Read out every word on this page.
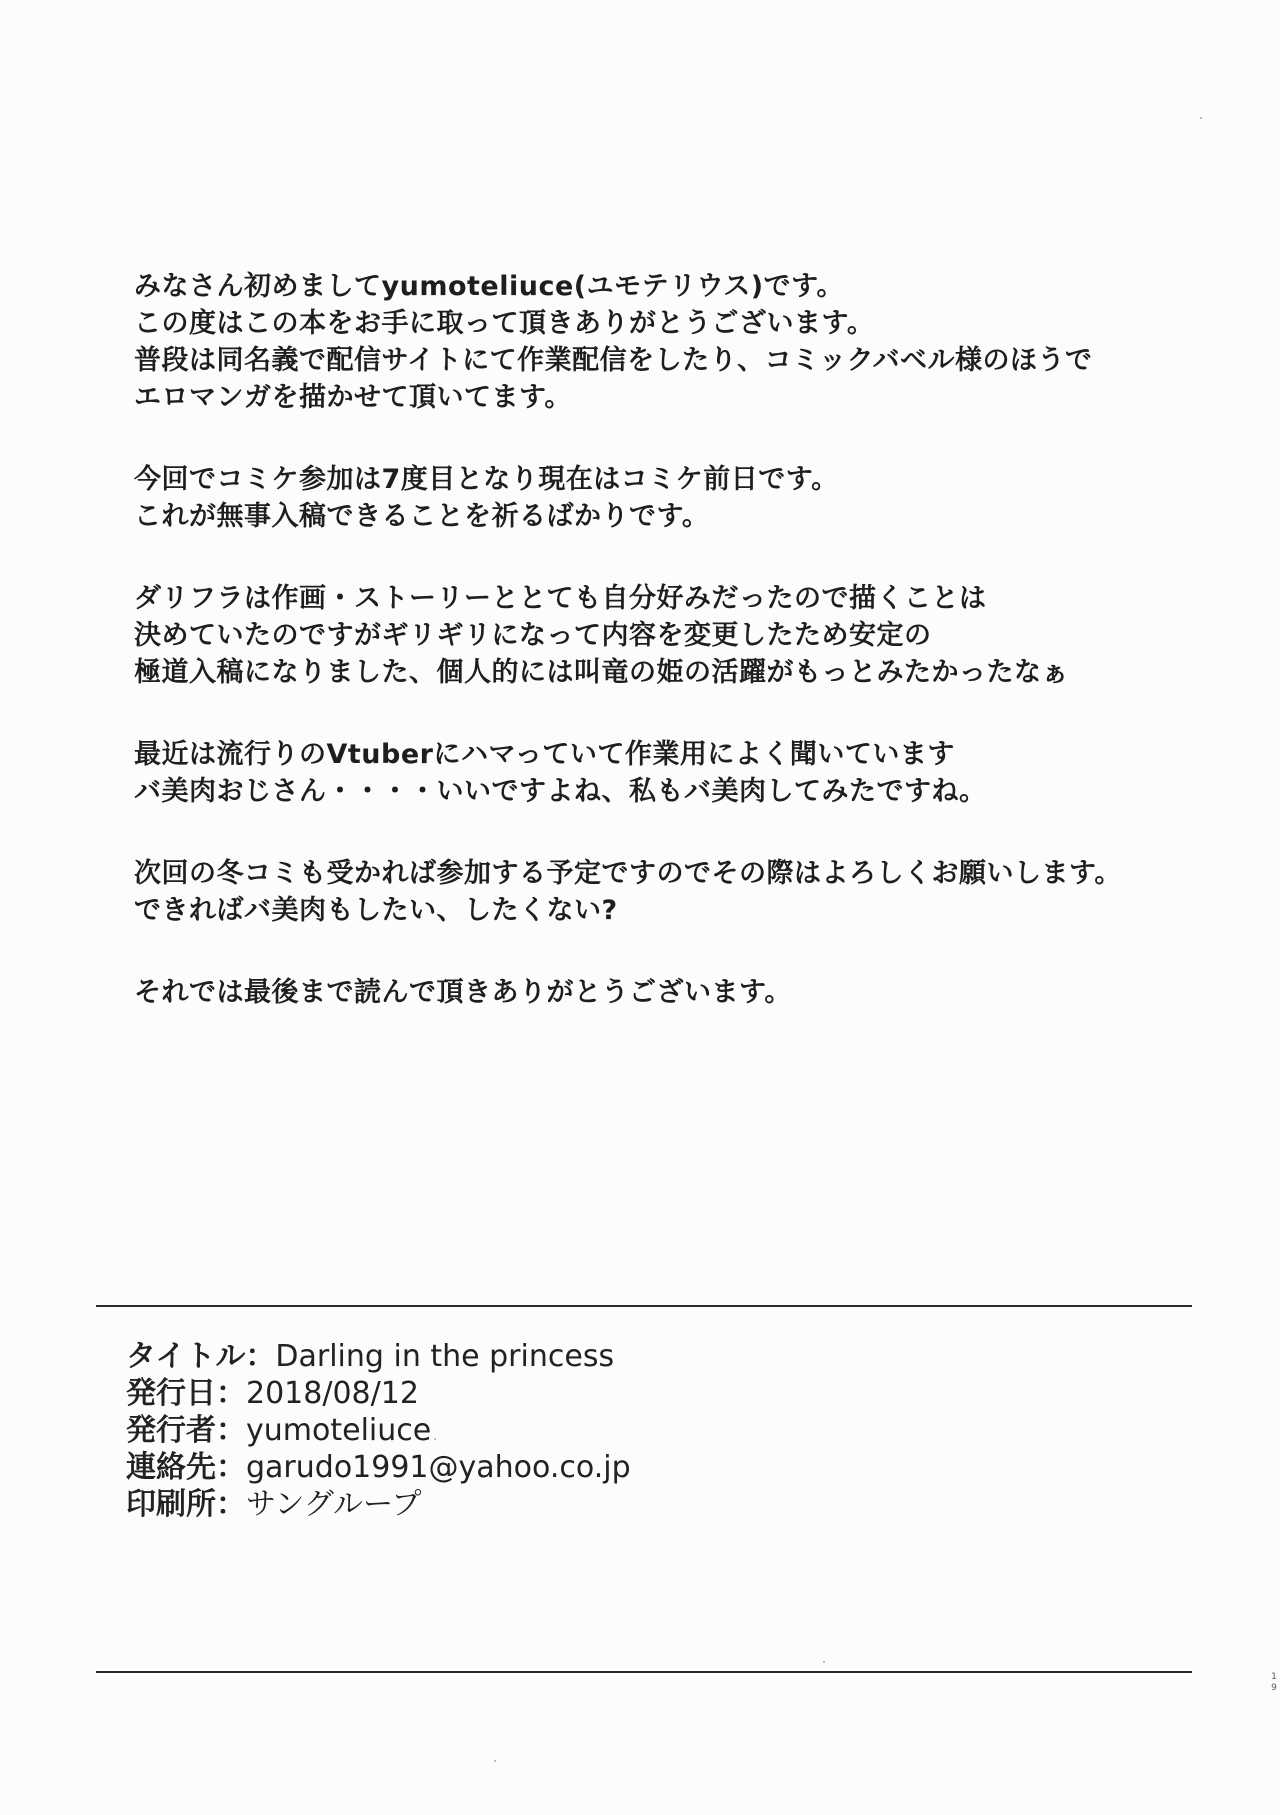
みなさん初めましてyumoteliuce(ユモテリウス)です。
この度はこの本をお手に取って頂きありがとうございます。
普段は同名義で配信サイトにて作業配信をしたり、コミックバベル様のほうで
エロマンガを描かせて頂いてます。

今回でコミケ参加は7度目となり現在はコミケ前日です。
これが無事入稿できることを祈るばかりです。

ダリフラは作画・ストーリーととても自分好みだったので描くことは
決めていたのですがギリギリになって内容を変更したため安定の
極道入稿になりました、個人的には叫竜の姫の活躍がもっとみたかったなぁ

最近は流行りのVtuberにハマっていて作業用によく聞いています
バ美肉おじさん・・・・いいですよね、私もバ美肉してみたですね。

次回の冬コミも受かれば参加する予定ですのでその際はよろしくお願いします。
できればバ美肉もしたい、したくない?

それでは最後まで読んで頂きありがとうございます。

タイトル：Darling in the princess
発行日：2018/08/12
発行者：yumoteliuce
連絡先：garudo1991@yahoo.co.jp
印刷所：サングループ
1
9
